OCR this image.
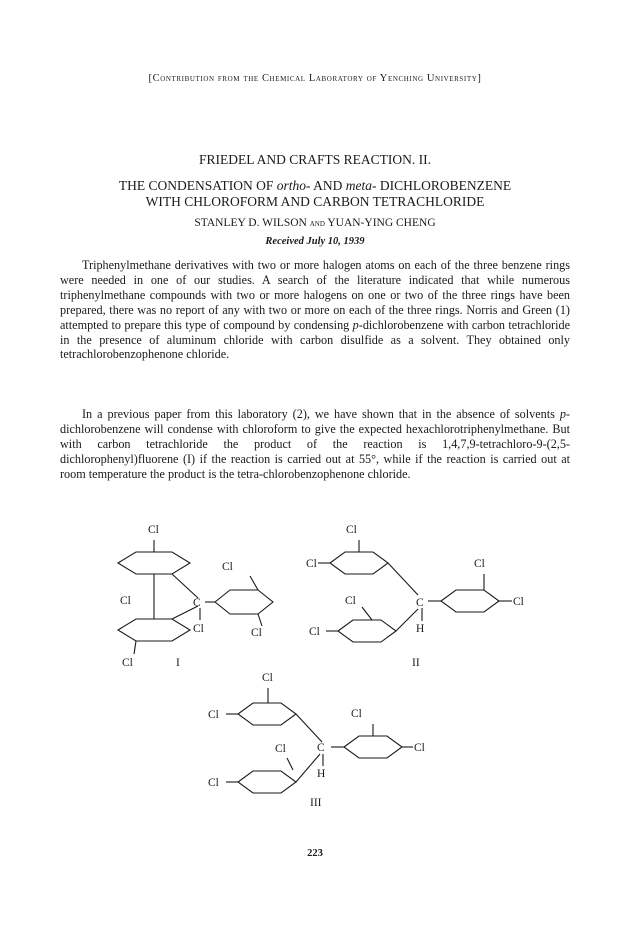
[Contribution from the Chemical Laboratory of Yenching University]
FRIEDEL AND CRAFTS REACTION. II.
THE CONDENSATION OF ortho- AND meta- DICHLOROBENZENE
WITH CHLOROFORM AND CARBON TETRACHLORIDE
STANLEY D. WILSON and YUAN-YING CHENG
Received July 10, 1939
Triphenylmethane derivatives with two or more halogen atoms on each of the three benzene rings were needed in one of our studies. A search of the literature indicated that while numerous triphenylmethane compounds with two or more halogens on one or two of the three rings have been prepared, there was no report of any with two or more on each of the three rings. Norris and Green (1) attempted to prepare this type of compound by condensing p-dichlorobenzene with carbon tetrachloride in the presence of aluminum chloride with carbon disulfide as a solvent. They obtained only tetrachlorobenzophenone chloride.
In a previous paper from this laboratory (2), we have shown that in the absence of solvents p-dichlorobenzene will condense with chloroform to give the expected hexachlorotriphenylmethane. But with carbon tetrachloride the product of the reaction is 1,4,7,9-tetrachloro-9-(2,5-dichlorophenyl)fluorene (I) if the reaction is carried out at 55°, while if the reaction is carried out at room temperature the product is the tetra-chlorobenzophenone chloride.
Cl
Cl
Cl	C
Cl	Cl
Cl	I
Cl
Cl	Cl
Cl	C	Cl
H
Cl
II
Cl
Cl	Cl
Cl	C	Cl
H
Cl
III
223
